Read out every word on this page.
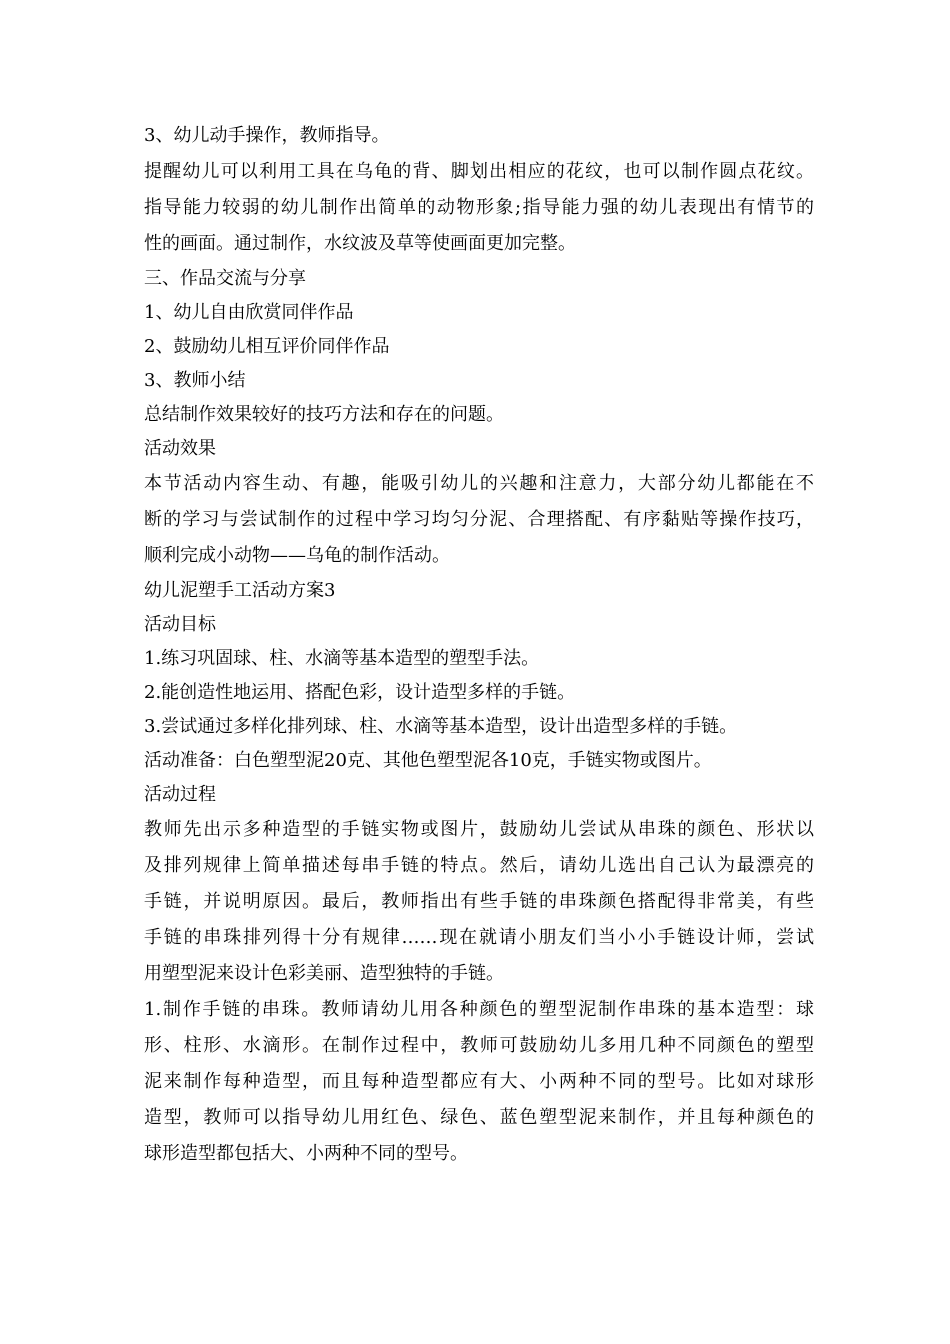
3、幼儿动手操作，教师指导。
提醒幼儿可以利用工具在乌龟的背、脚划出相应的花纹，也可以制作圆点花纹。
指导能力较弱的幼儿制作出简单的动物形象;指导能力强的幼儿表现出有情节的
性的画面。通过制作，水纹波及草等使画面更加完整。
三、作品交流与分享
1、幼儿自由欣赏同伴作品
2、鼓励幼儿相互评价同伴作品
3、教师小结
总结制作效果较好的技巧方法和存在的问题。
活动效果
本节活动内容生动、有趣，能吸引幼儿的兴趣和注意力，大部分幼儿都能在不
断的学习与尝试制作的过程中学习均匀分泥、合理搭配、有序黏贴等操作技巧，
顺利完成小动物——乌龟的制作活动。
幼儿泥塑手工活动方案3
活动目标
1.练习巩固球、柱、水滴等基本造型的塑型手法。
2.能创造性地运用、搭配色彩，设计造型多样的手链。
3.尝试通过多样化排列球、柱、水滴等基本造型，设计出造型多样的手链。
活动准备：白色塑型泥20克、其他色塑型泥各10克，手链实物或图片。
活动过程
教师先出示多种造型的手链实物或图片，鼓励幼儿尝试从串珠的颜色、形状以
及排列规律上简单描述每串手链的特点。然后，请幼儿选出自己认为最漂亮的
手链，并说明原因。最后，教师指出有些手链的串珠颜色搭配得非常美，有些
手链的串珠排列得十分有规律……现在就请小朋友们当小小手链设计师，尝试
用塑型泥来设计色彩美丽、造型独特的手链。
1.制作手链的串珠。教师请幼儿用各种颜色的塑型泥制作串珠的基本造型：球
形、柱形、水滴形。在制作过程中，教师可鼓励幼儿多用几种不同颜色的塑型
泥来制作每种造型，而且每种造型都应有大、小两种不同的型号。比如对球形
造型，教师可以指导幼儿用红色、绿色、蓝色塑型泥来制作，并且每种颜色的
球形造型都包括大、小两种不同的型号。
